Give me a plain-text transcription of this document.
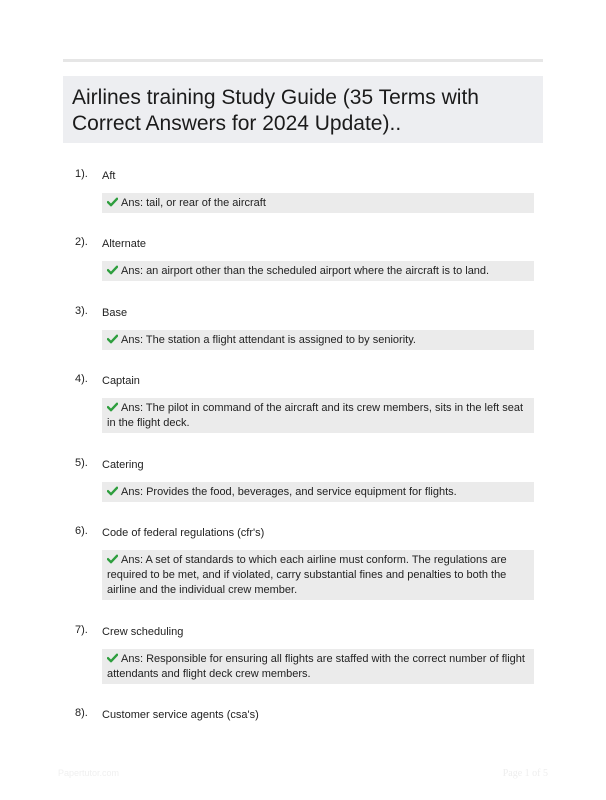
Airlines training Study Guide (35 Terms with Correct Answers for 2024 Update)..
1). Aft
Ans: tail, or rear of the aircraft
2). Alternate
Ans: an airport other than the scheduled airport where the aircraft is to land.
3). Base
Ans: The station a flight attendant is assigned to by seniority.
4). Captain
Ans: The pilot in command of the aircraft and its crew members, sits in the left seat in the flight deck.
5). Catering
Ans: Provides the food, beverages, and service equipment for flights.
6). Code of federal regulations (cfr's)
Ans: A set of standards to which each airline must conform. The regulations are required to be met, and if violated, carry substantial fines and penalties to both the airline and the individual crew member.
7). Crew scheduling
Ans: Responsible for ensuring all flights are staffed with the correct number of flight attendants and flight deck crew members.
8). Customer service agents (csa's)
Papertutor.com	Page 1 of 5
